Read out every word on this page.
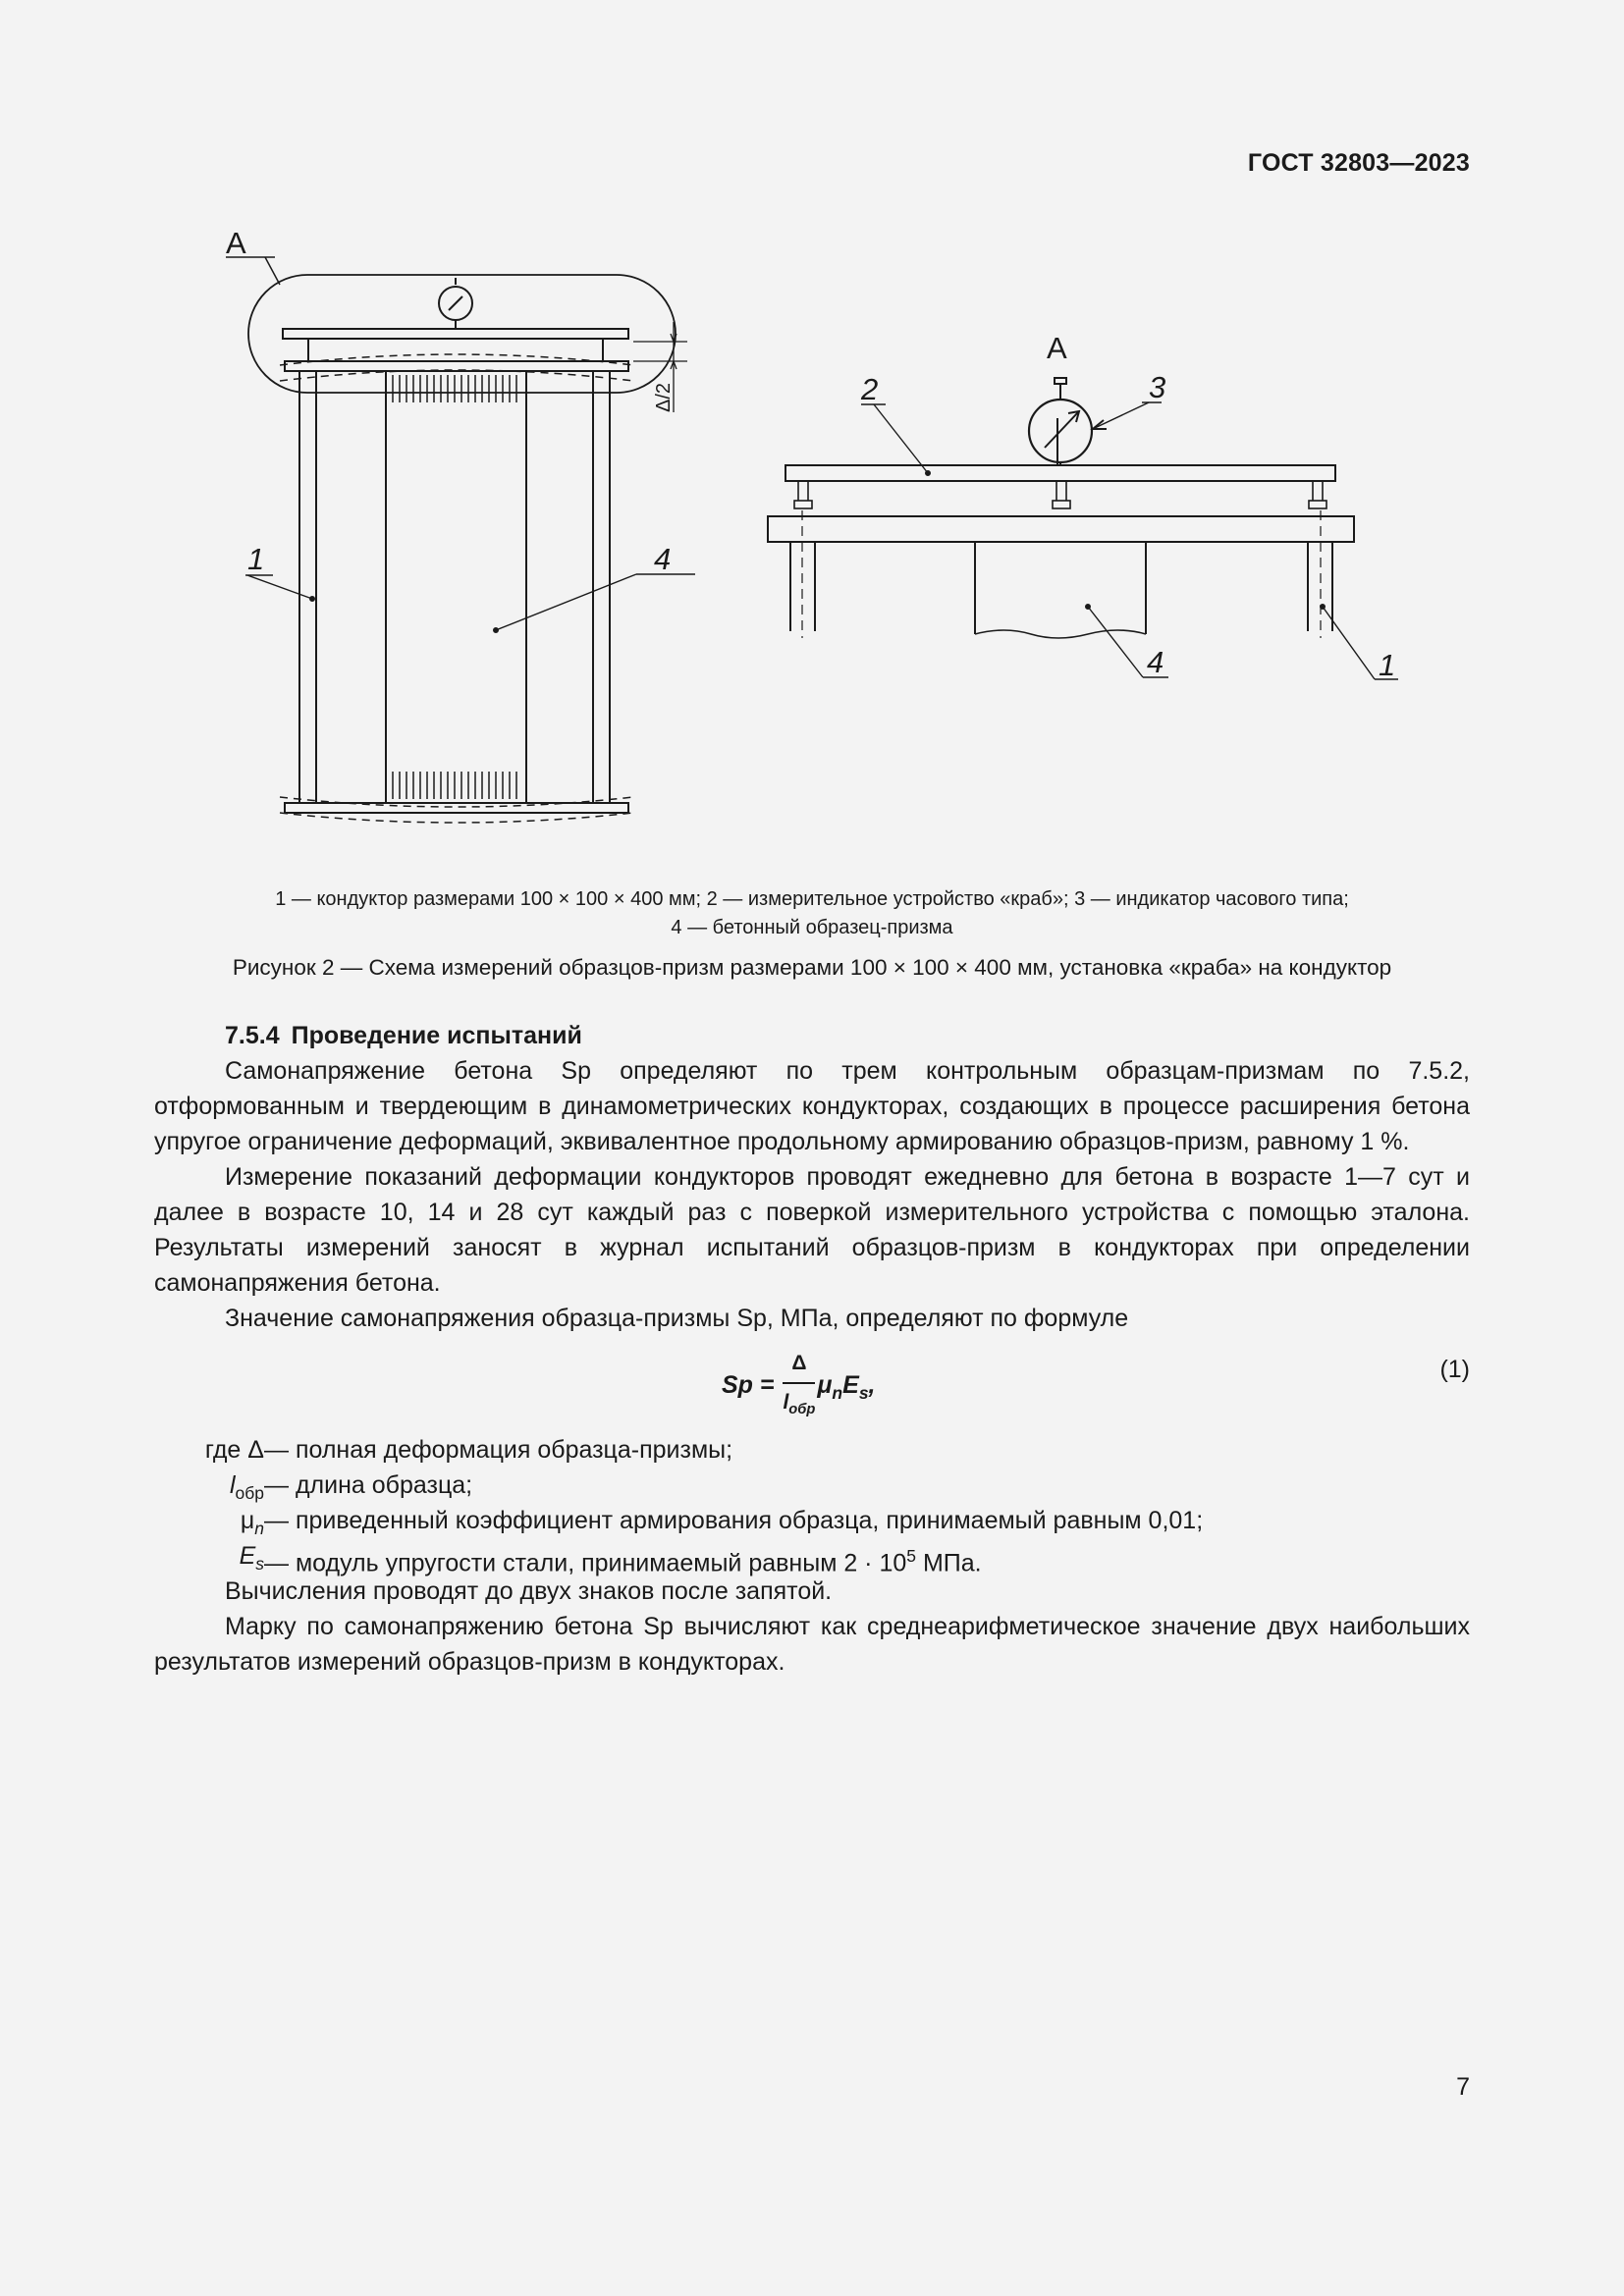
ГОСТ 32803—2023
А
А
Δ/2
1	4
2	3
4	1
1 — кондуктор размерами 100 × 100 × 400 мм; 2 — измерительное устройство «краб»; 3 — индикатор часового типа;
4 — бетонный образец-призма
Рисунок 2 — Схема измерений образцов-призм размерами 100 × 100 × 400 мм, установка «краба» на кондуктор

7.5.4 Проведение испытаний

Самонапряжение бетона Sp определяют по трем контрольным образцам-призмам по 7.5.2, отформованным и твердеющим в динамометрических кондукторах, создающих в процессе расширения бетона упругое ограничение деформаций, эквивалентное продольному армированию образцов-призм, равному 1 %.

Измерение показаний деформации кондукторов проводят ежедневно для бетона в возрасте 1—7 сут и далее в возрасте 10, 14 и 28 сут каждый раз с поверкой измерительного устройства с помощью эталона. Результаты измерений заносят в журнал испытаний образцов-призм в кондукторах при определении самонапряжения бетона.

Значение самонапряжения образца-призмы Sp, МПа, определяют по формуле

$Sp = \frac{\Delta}{l_{обр}} \mu_nE_s$,
(1)
где Δ — полная деформация образца-призмы;
$l_{обр}$ — длина образца;
$\mu_n$ — приведенный коэффициент армирования образца, принимаемый равным 0,01;
$E_s$ — модуль упругости стали, принимаемый равным $2 \cdot 10^5$ МПа.

Вычисления проводят до двух знаков после запятой.

Марку по самонапряжению бетона Sp вычисляют как среднеарифметическое значение двух наибольших результатов измерений образцов-призм в кондукторах.

7
